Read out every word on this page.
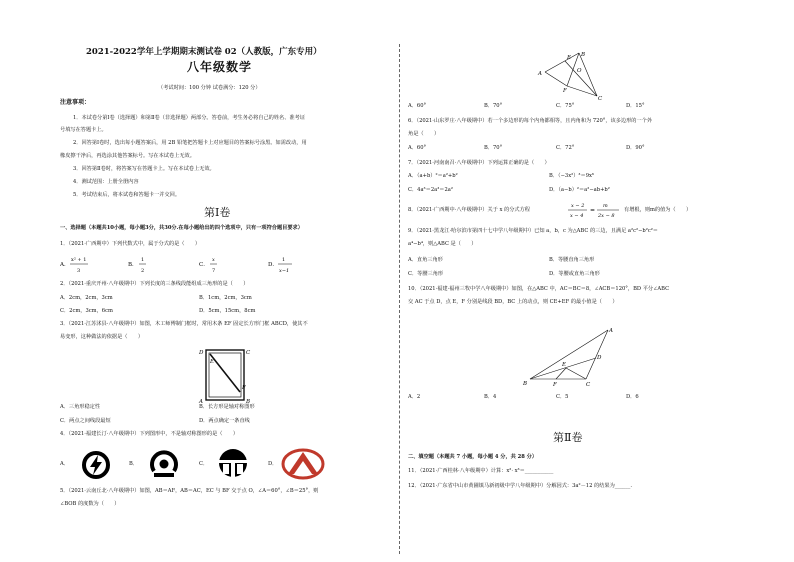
2021-2022学年上学期期末测试卷 02（人教版，广东专用）
八年级数学
（考试时间：100 分钟 试卷满分：120 分）
注意事项：
1．本试卷分第Ⅰ卷（选择题）和第Ⅱ卷（非选择题）两部分。答卷前，考生务必将自己的姓名、准考证
号填写在答题卡上。
2．回答第Ⅰ卷时，选出每小题答案后，用 2B 铅笔把答题卡上对应题目的答案标号涂黑。如需改动，用
橡皮擦干净后，再选涂其他答案标号。写在本试卷上无效。
3．回答第Ⅱ卷时，将答案写在答题卡上。写在本试卷上无效。
4．测试范围：上册全册内容
5．考试结束后，将本试卷和答题卡一并交回。
第Ⅰ卷
一、选择题（本题共10小题，每小题3分，共30分.在每小题给出的四个选项中，只有一项符合题目要求）
1．（2021·广西期中）下列代数式中，属于分式的是（　　）
A．
x² + 1
3
B．
1
2
C．
x
7
D．
1
x−1
2．（2021·重庆开州·八年级期中）下列长度的三条线段能组成三角形的是（　　）
A．2cm，2cm，3cm	B．1cm，2cm，3cm
C．2cm，3cm，6cm	D．5cm，15cm，8cm
3．（2021·江苏沭县·八年级期中）如图，木工师傅制门框时，常用木条 EF 固定长方形门框 ABCD，使其不
易变形，这种做法的依据是（　　）
D	C
E
A	B
F
A．三角形稳定性	B．长方形是轴对称图形
C．两点之间线段最短	D．两点确定一条直线
4．（2021·福建长汀·八年级期中）下列图形中，不是轴对称图形的是（　　）
A．	B．	C．	D．
5．（2021·云南丘北·八年级期中）如图，AB＝AF，AB＝AC，EC 与 BF 交于点 O，∠A＝60°，∠B＝25°，则
∠BOB 的度数为（　　）
E B
A	O
F
C
A．60°	B．70°	C．75°	D．15°
6．（2021·山东罗庄·八年级期中）若一个多边形的每个内角都相等，且内角和为 720°，该多边形的一个外
角是（　　）
A．60°	B．70°	C．72°	D．90°
7．（2021·河南南召·八年级期中）下列运算正确的是（　　）
A．（a+b）²＝a²+b²	B．（−3x²）³＝9x⁶
C．4a³＝2a³＝2a²	D．（a−b）²＝a²−ab+b²
8．（2021·广西期中·八年级期中）关于 x 的分式方程
x − 2
x − 4
=
m
2x − 8
有增根，则m的值为（　　）
9．（2021·黑龙江·哈尔滨市第四十七中学八年级期中）已知 a，b，c 为△ABC 的三边，且满足 a²c²−b²c²＝
a⁴−b⁴，则△ABC 是（　　）
A．直角三角形	B．等腰直角三角形
C．等腰三角形	D．等腰或直角三角形
10．（2021·福建·福州三牧中学八年级期中）如图，在△ABC 中，AC＝BC＝8，∠ACB＝120°，BD 平分∠ABC
交 AC 于点 D，点 E，F 分别是线段 BD，BC 上的动点，则 CE+EF 的最小值是（　　）
A
E
D
B	F	C
A．2	B．4	C．5	D．6
第Ⅱ卷
二、填空题（本题共 7 小题，每小题 4 分，共 28 分）
11．（2021·广西桂林·八年级期中）计算：x²· x³＝___________
12．（2021·广东省中山市黄圃镇马新初级中学八年级期中）分解因式：3a²－12 的结果为______.
